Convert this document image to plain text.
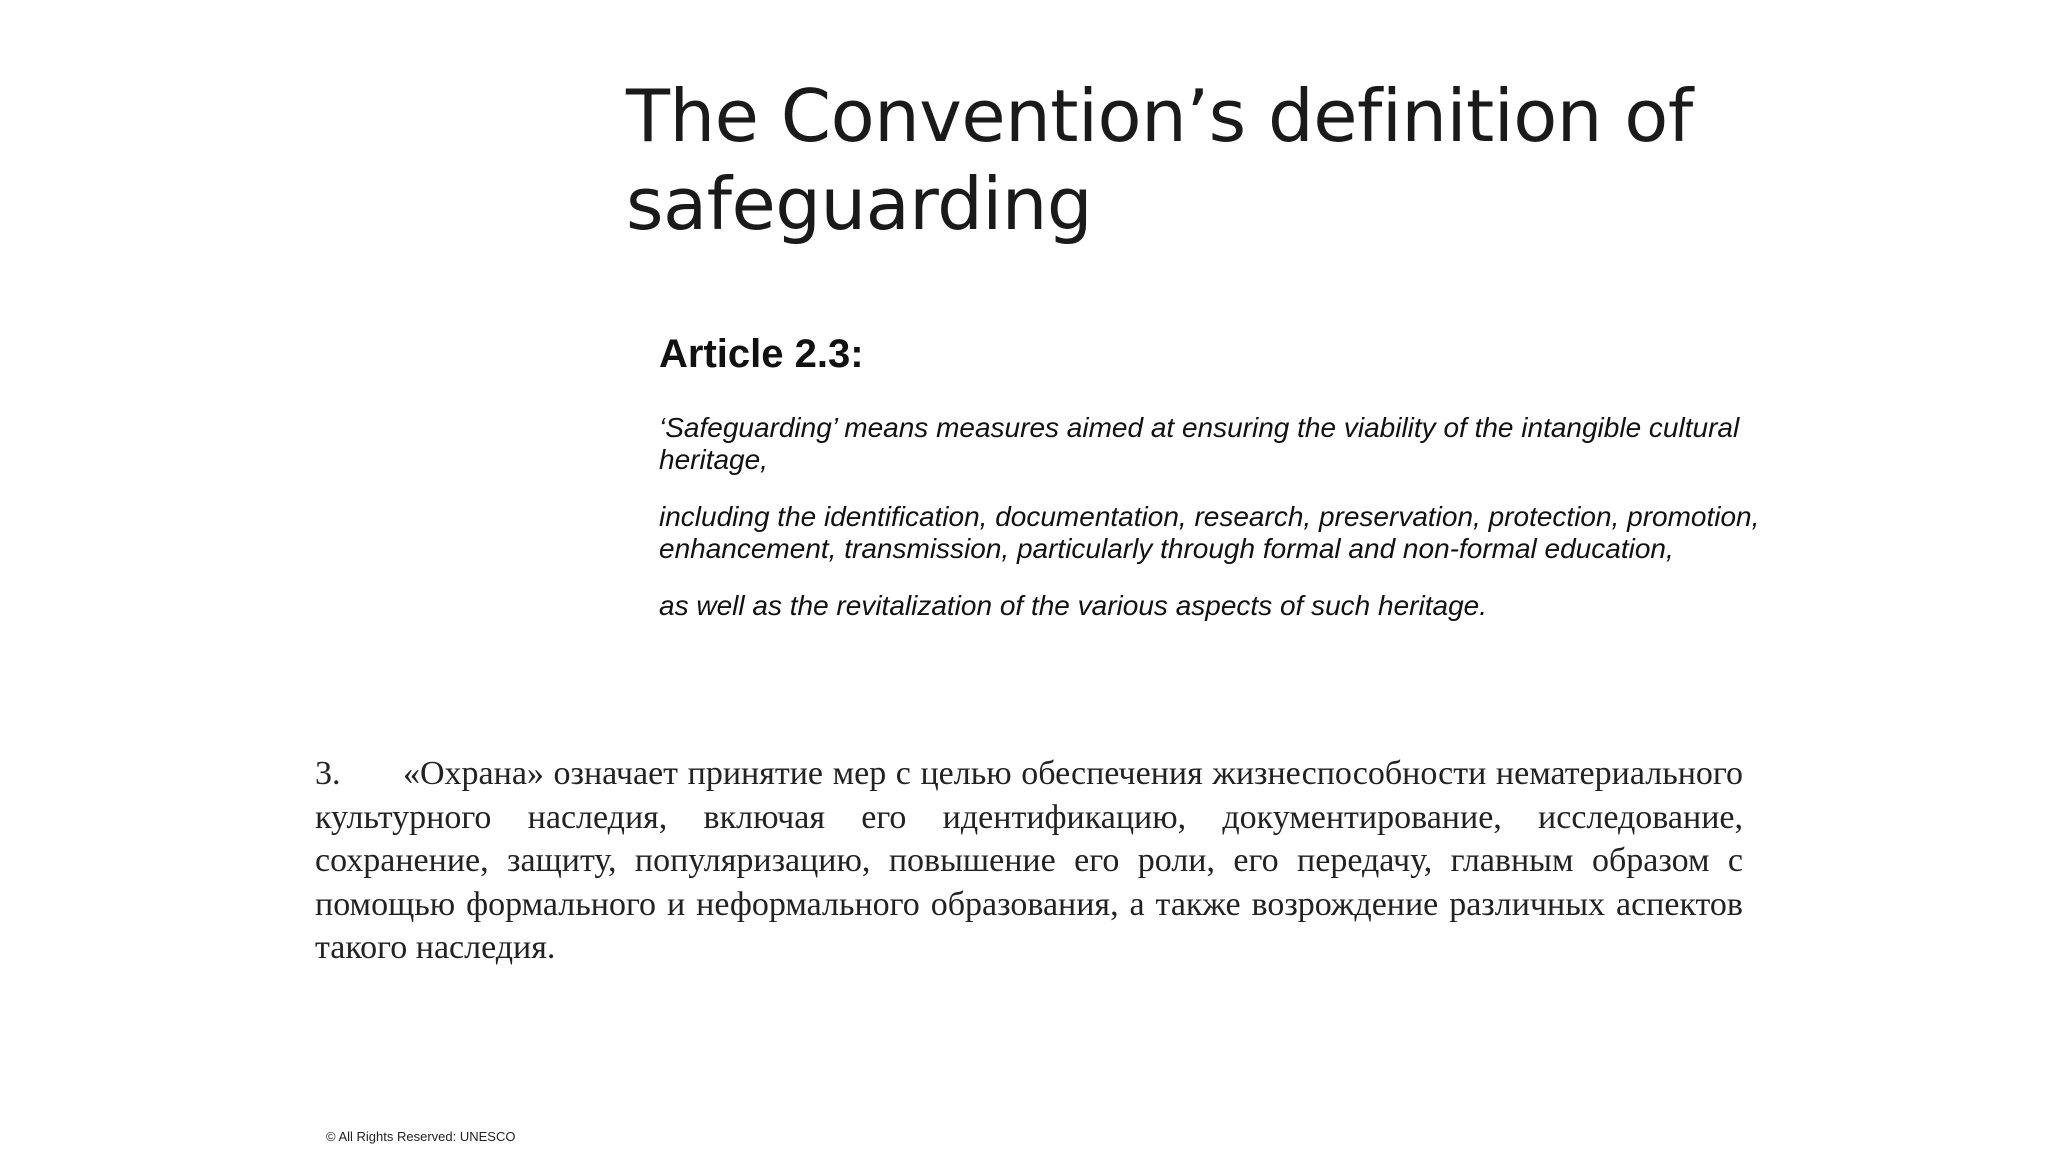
The Convention’s definition of
safeguarding

Article 2.3:

‘Safeguarding’ means measures aimed at ensuring the viability of the intangible cultural heritage,

including the identification, documentation, research, preservation, protection, promotion, enhancement, transmission, particularly through formal and non-formal education,

as well as the revitalization of the various aspects of such heritage.

3. «Охрана» означает принятие мер с целью обеспечения жизнеспособности нематериального культурного наследия, включая его идентификацию, документирование, исследование, сохранение, защиту, популяризацию, повышение его роли, его передачу, главным образом с помощью формального и неформального образования, а также возрождение различных аспектов такого наследия.
© All Rights Reserved: UNESCO
